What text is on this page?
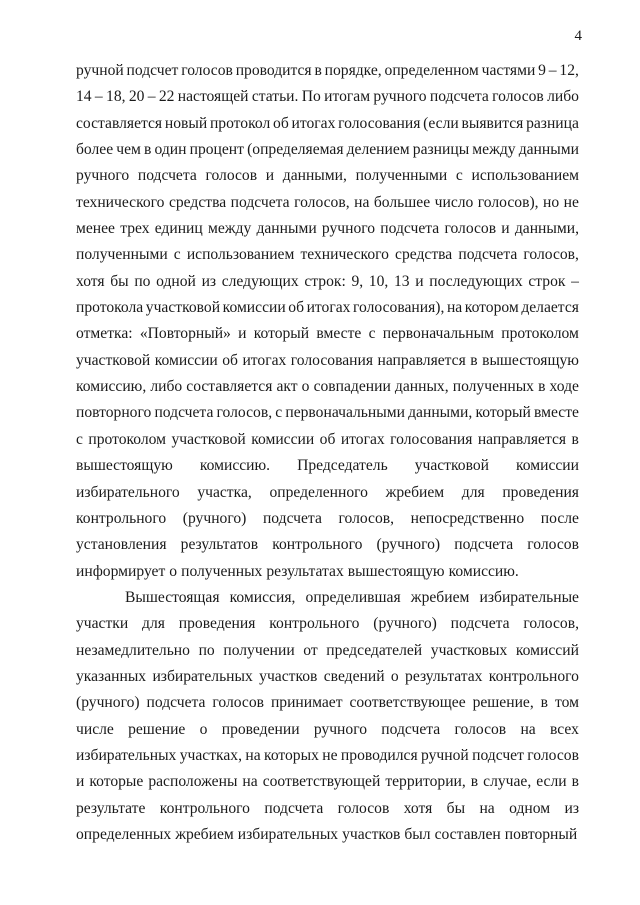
4
ручной подсчет голосов проводится в порядке, определенном частями 9 – 12,
14 – 18, 20 – 22 настоящей статьи. По итогам ручного подсчета голосов либо
составляется новый протокол об итогах голосования (если выявится разница
более чем в один процент (определяемая делением разницы между данными
ручного подсчета голосов и данными, полученными с использованием
технического средства подсчета голосов, на большее число голосов), но не
менее трех единиц между данными ручного подсчета голосов и данными,
полученными с использованием технического средства подсчета голосов,
хотя бы по одной из следующих строк: 9, 10, 13 и последующих строк –
протокола участковой комиссии об итогах голосования), на котором делается
отметка: «Повторный» и который вместе с первоначальным протоколом
участковой комиссии об итогах голосования направляется в вышестоящую
комиссию, либо составляется акт о совпадении данных, полученных в ходе
повторного подсчета голосов, с первоначальными данными, который вместе
с протоколом участковой комиссии об итогах голосования направляется в
вышестоящую комиссию. Председатель участковой комиссии
избирательного участка, определенного жребием для проведения
контрольного (ручного) подсчета голосов, непосредственно после
установления результатов контрольного (ручного) подсчета голосов
информирует о полученных результатах вышестоящую комиссию.
Вышестоящая комиссия, определившая жребием избирательные
участки для проведения контрольного (ручного) подсчета голосов,
незамедлительно по получении от председателей участковых комиссий
указанных избирательных участков сведений о результатах контрольного
(ручного) подсчета голосов принимает соответствующее решение, в том
числе решение о проведении ручного подсчета голосов на всех
избирательных участках, на которых не проводился ручной подсчет голосов
и которые расположены на соответствующей территории, в случае, если в
результате контрольного подсчета голосов хотя бы на одном из
определенных жребием избирательных участков был составлен повторный
